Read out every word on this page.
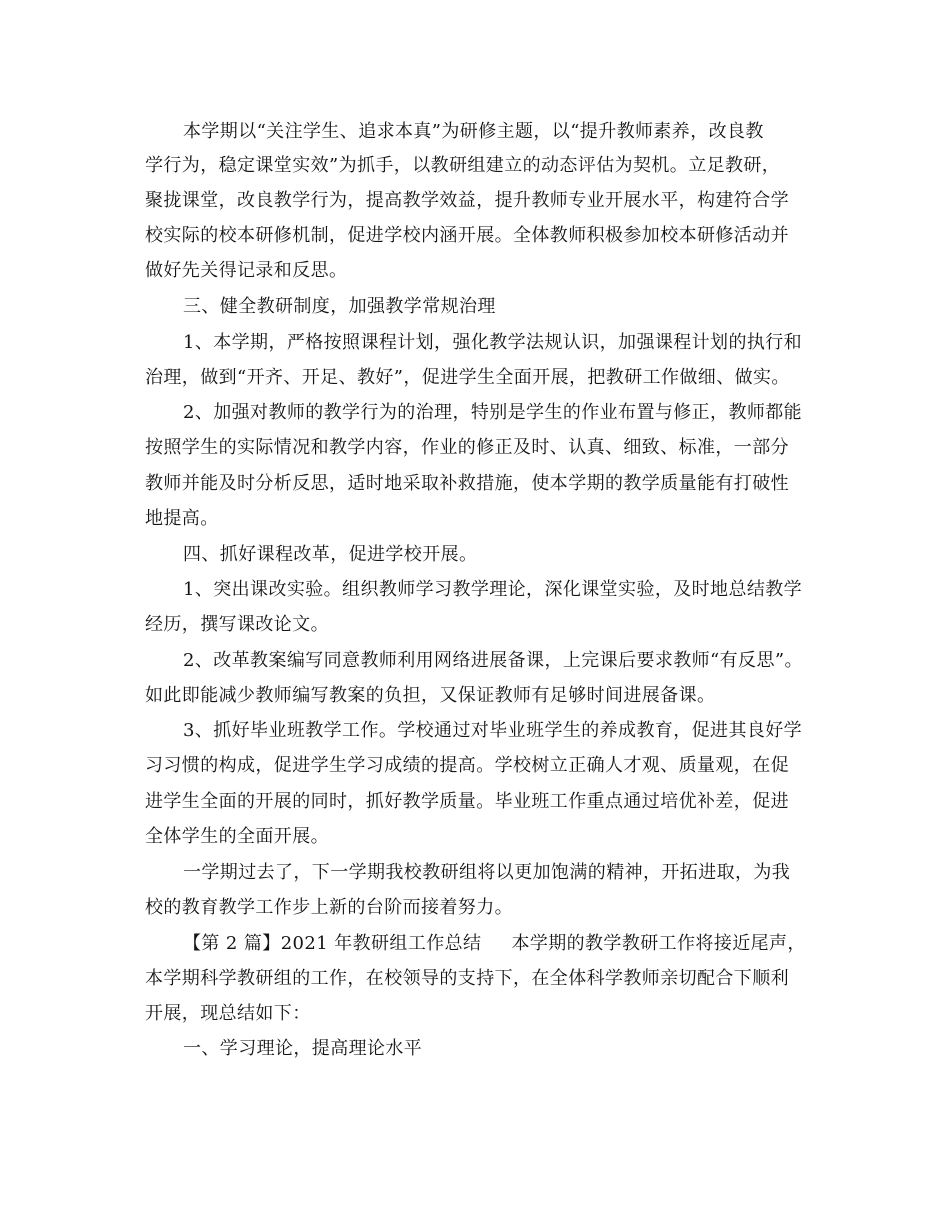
本学期以“关注学生、追求本真”为研修主题，以“提升教师素养，改良教
学行为，稳定课堂实效”为抓手，以教研组建立的动态评估为契机。立足教研，
聚拢课堂，改良教学行为，提高教学效益，提升教师专业开展水平，构建符合学
校实际的校本研修机制，促进学校内涵开展。全体教师积极参加校本研修活动并
做好先关得记录和反思。
三、健全教研制度，加强教学常规治理
1、本学期，严格按照课程计划，强化教学法规认识，加强课程计划的执行和
治理，做到“开齐、开足、教好”，促进学生全面开展，把教研工作做细、做实。
2、加强对教师的教学行为的治理，特别是学生的作业布置与修正，教师都能
按照学生的实际情况和教学内容，作业的修正及时、认真、细致、标准，一部分
教师并能及时分析反思，适时地采取补救措施，使本学期的教学质量能有打破性
地提高。
四、抓好课程改革，促进学校开展。
1、突出课改实验。组织教师学习教学理论，深化课堂实验，及时地总结教学
经历，撰写课改论文。
2、改革教案编写同意教师利用网络进展备课，上完课后要求教师“有反思”。
如此即能减少教师编写教案的负担，又保证教师有足够时间进展备课。
3、抓好毕业班教学工作。学校通过对毕业班学生的养成教育，促进其良好学
习习惯的构成，促进学生学习成绩的提高。学校树立正确人才观、质量观，在促
进学生全面的开展的同时，抓好教学质量。毕业班工作重点通过培优补差，促进
全体学生的全面开展。
一学期过去了，下一学期我校教研组将以更加饱满的精神，开拓进取，为我
校的教育教学工作步上新的台阶而接着努力。
【第 2 篇】2021 年教研组工作总结 本学期的教学教研工作将接近尾声，
本学期科学教研组的工作，在校领导的支持下，在全体科学教师亲切配合下顺利
开展，现总结如下：
一、学习理论，提高理论水平
